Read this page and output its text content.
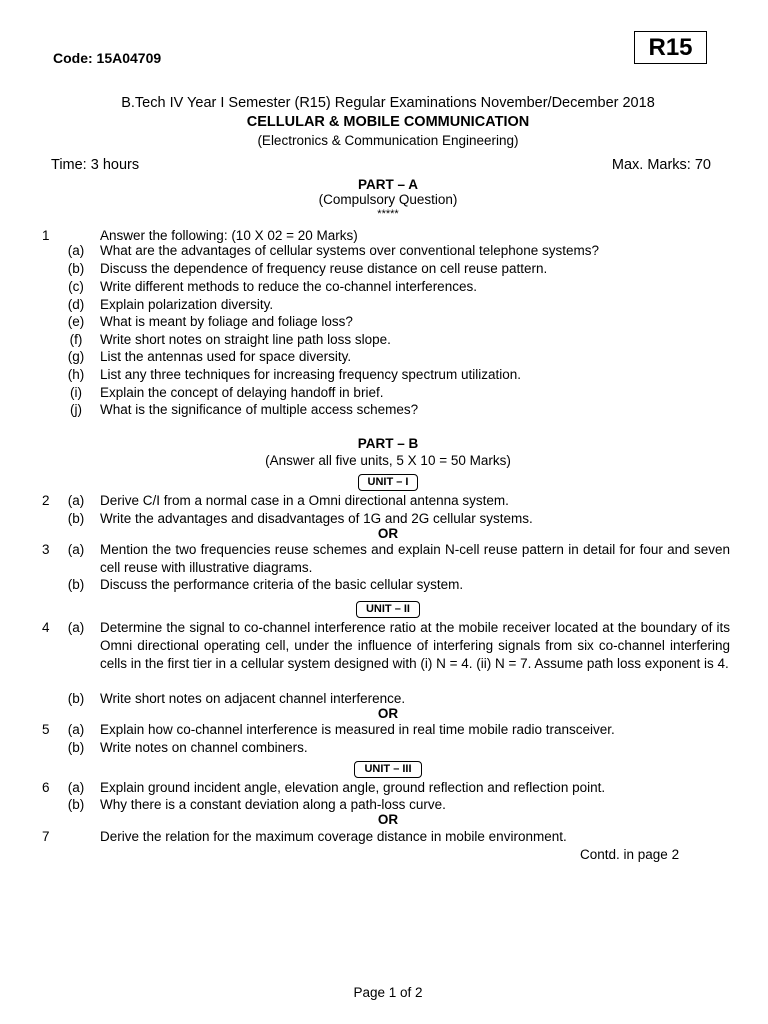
Code: 15A04709	R15
B.Tech IV Year I Semester (R15) Regular Examinations November/December 2018
CELLULAR & MOBILE COMMUNICATION
(Electronics & Communication Engineering)
Time: 3 hours	Max. Marks: 70
PART – A
(Compulsory Question)
*****
1	Answer the following: (10 X 02 = 20 Marks)
(a) What are the advantages of cellular systems over conventional telephone systems?
(b) Discuss the dependence of frequency reuse distance on cell reuse pattern.
(c) Write different methods to reduce the co-channel interferences.
(d) Explain polarization diversity.
(e) What is meant by foliage and foliage loss?
(f) Write short notes on straight line path loss slope.
(g) List the antennas used for space diversity.
(h) List any three techniques for increasing frequency spectrum utilization.
(i) Explain the concept of delaying handoff in brief.
(j) What is the significance of multiple access schemes?
PART – B
(Answer all five units, 5 X 10 = 50 Marks)
UNIT – I
2 (a) Derive C/I from a normal case in a Omni directional antenna system.
(b) Write the advantages and disadvantages of 1G and 2G cellular systems.
OR
3 (a) Mention the two frequencies reuse schemes and explain N-cell reuse pattern in detail for four and seven cell reuse with illustrative diagrams.
(b) Discuss the performance criteria of the basic cellular system.
UNIT – II
4 (a) Determine the signal to co-channel interference ratio at the mobile receiver located at the boundary of its Omni directional operating cell, under the influence of interfering signals from six co-channel interfering cells in the first tier in a cellular system designed with (i) N = 4. (ii) N = 7. Assume path loss exponent is 4.
(b) Write short notes on adjacent channel interference.
OR
5 (a) Explain how co-channel interference is measured in real time mobile radio transceiver.
(b) Write notes on channel combiners.
UNIT – III
6 (a) Explain ground incident angle, elevation angle, ground reflection and reflection point.
(b) Why there is a constant deviation along a path-loss curve.
OR
7	Derive the relation for the maximum coverage distance in mobile environment.
Contd. in page 2
Page 1 of 2
